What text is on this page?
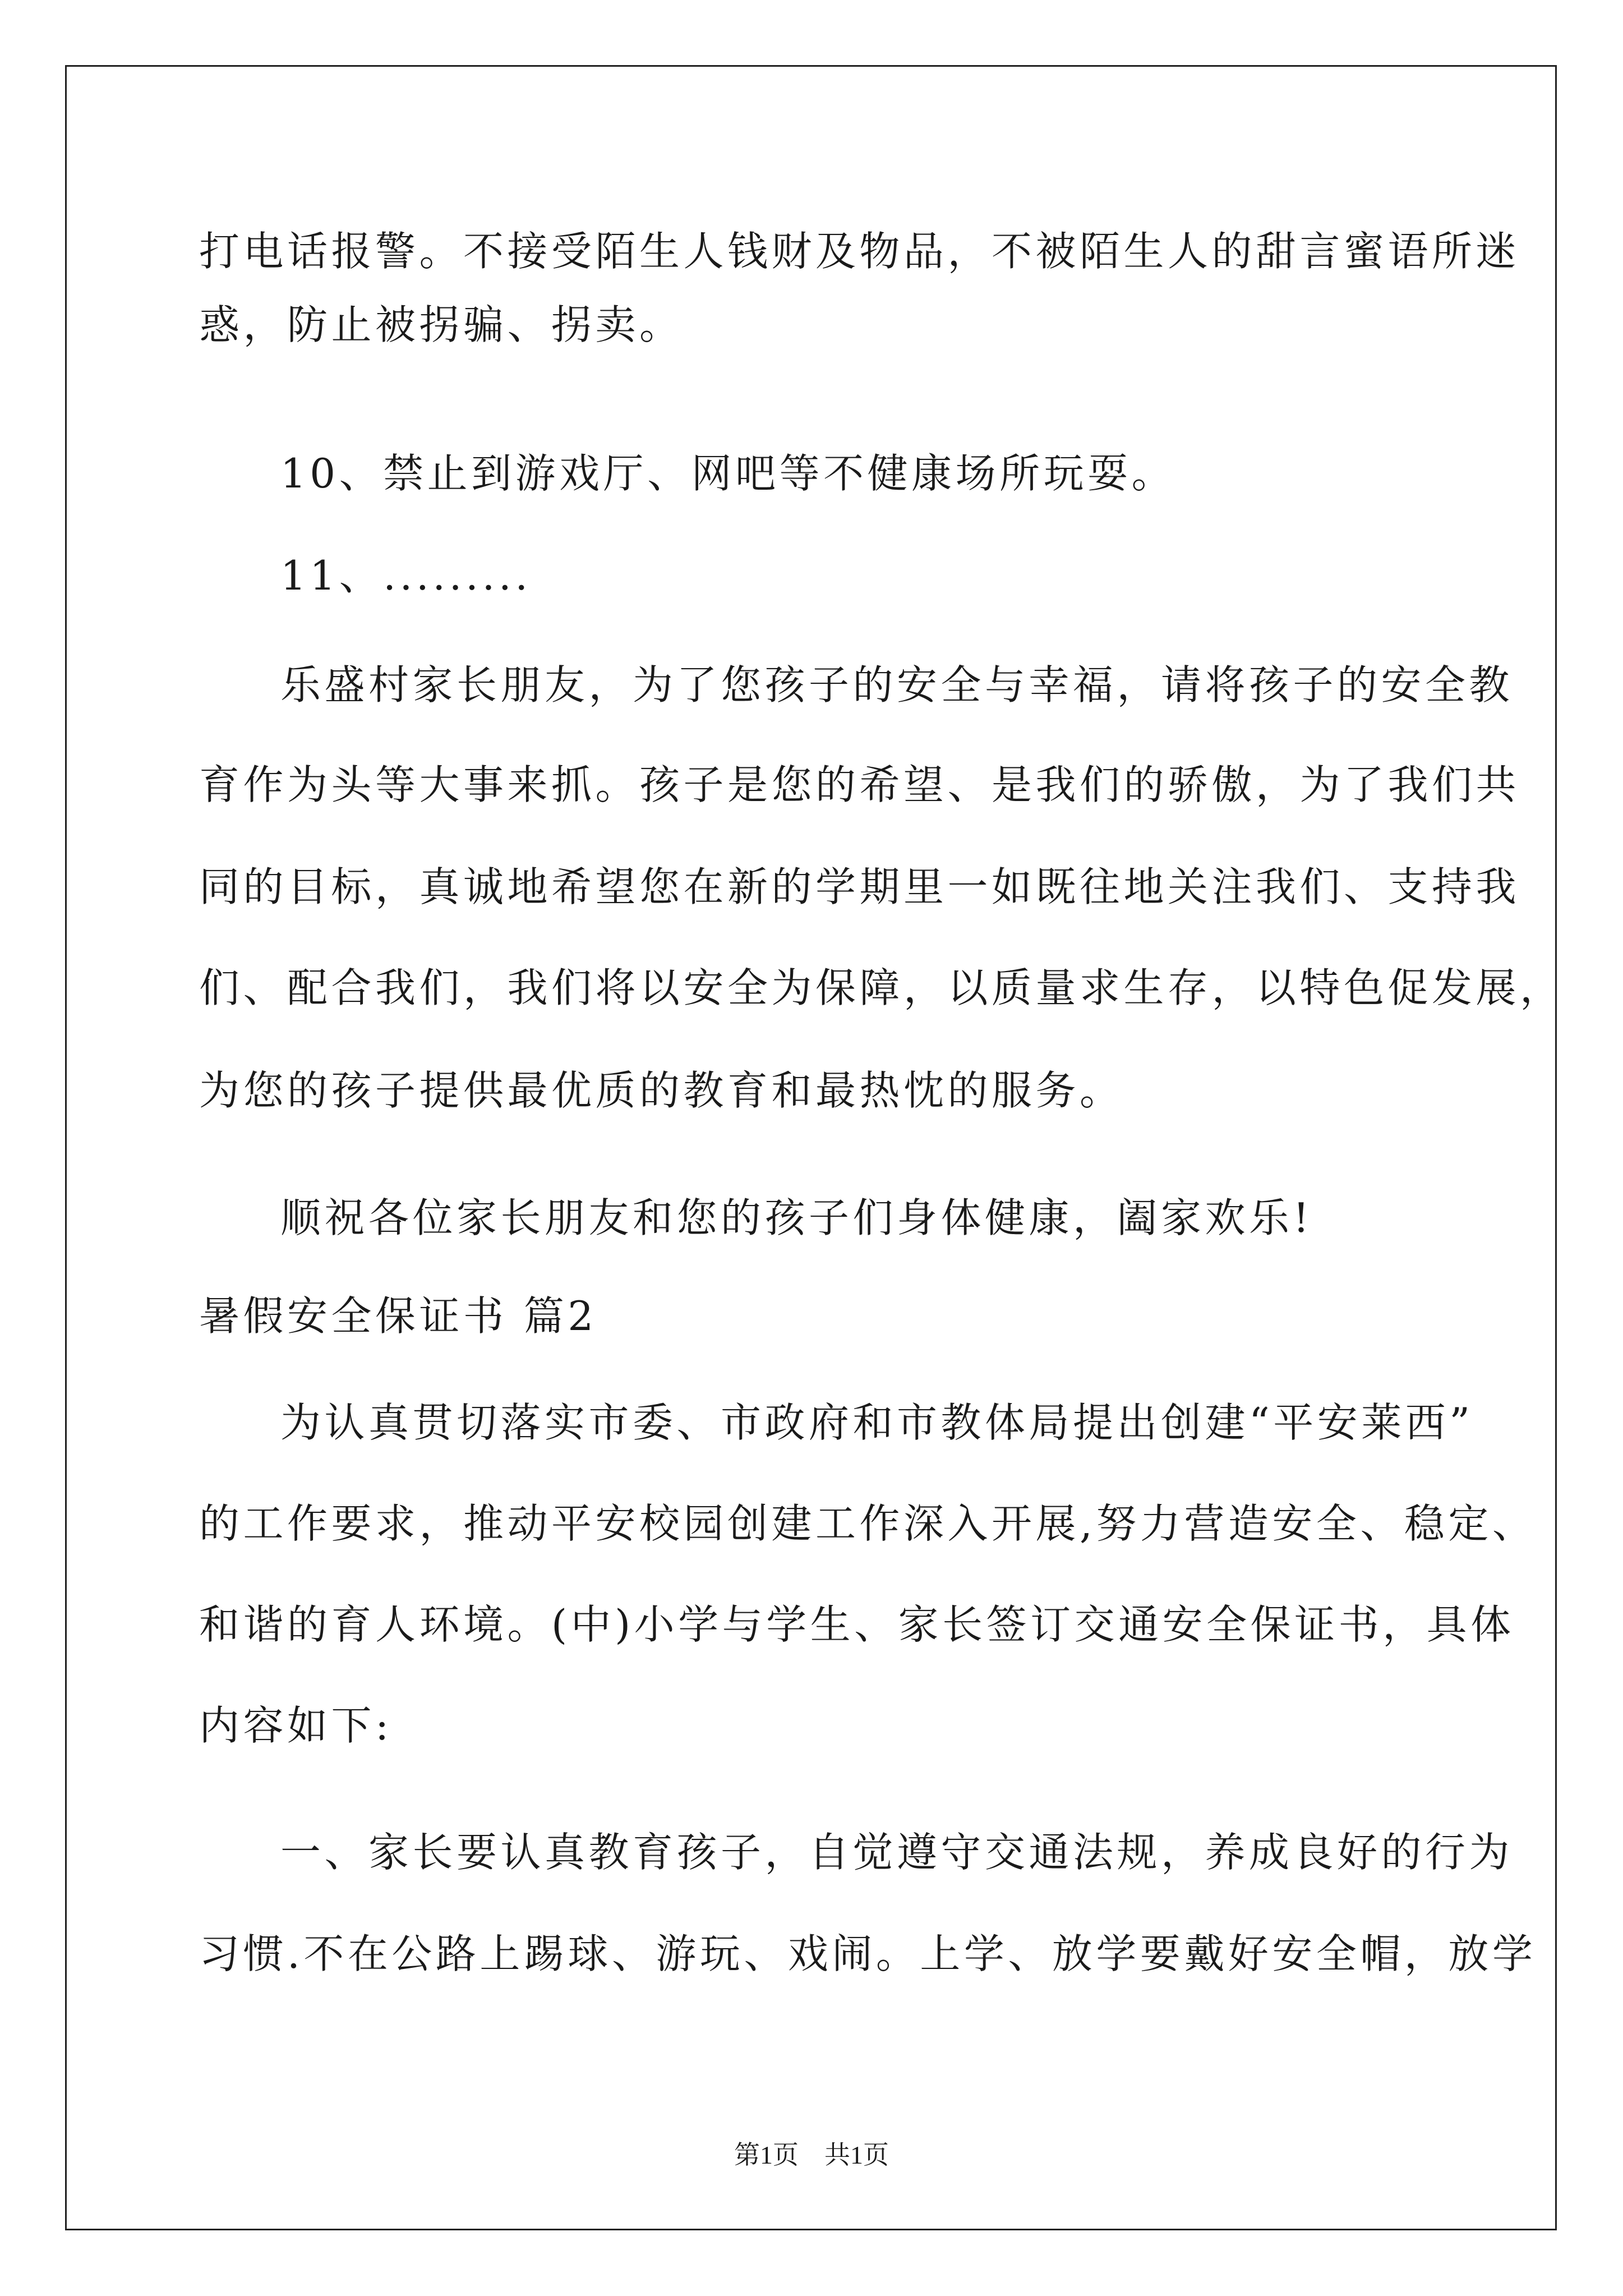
打电话报警。不接受陌生人钱财及物品，不被陌生人的甜言蜜语所迷
惑，防止被拐骗、拐卖。
10、禁止到游戏厅、网吧等不健康场所玩耍。
11、.........
乐盛村家长朋友，为了您孩子的安全与幸福，请将孩子的安全教
育作为头等大事来抓。孩子是您的希望、是我们的骄傲，为了我们共
同的目标，真诚地希望您在新的学期里一如既往地关注我们、支持我
们、配合我们，我们将以安全为保障，以质量求生存，以特色促发展，
为您的孩子提供最优质的教育和最热忱的服务。
顺祝各位家长朋友和您的孩子们身体健康，阖家欢乐!
暑假安全保证书 篇2
为认真贯切落实市委、市政府和市教体局提出创建“平安莱西”
的工作要求，推动平安校园创建工作深入开展,努力营造安全、稳定、
和谐的育人环境。(中)小学与学生、家长签订交通安全保证书，具体
内容如下:
一、家长要认真教育孩子，自觉遵守交通法规，养成良好的行为
习惯.不在公路上踢球、游玩、戏闹。上学、放学要戴好安全帽，放学
第1页 共1页
